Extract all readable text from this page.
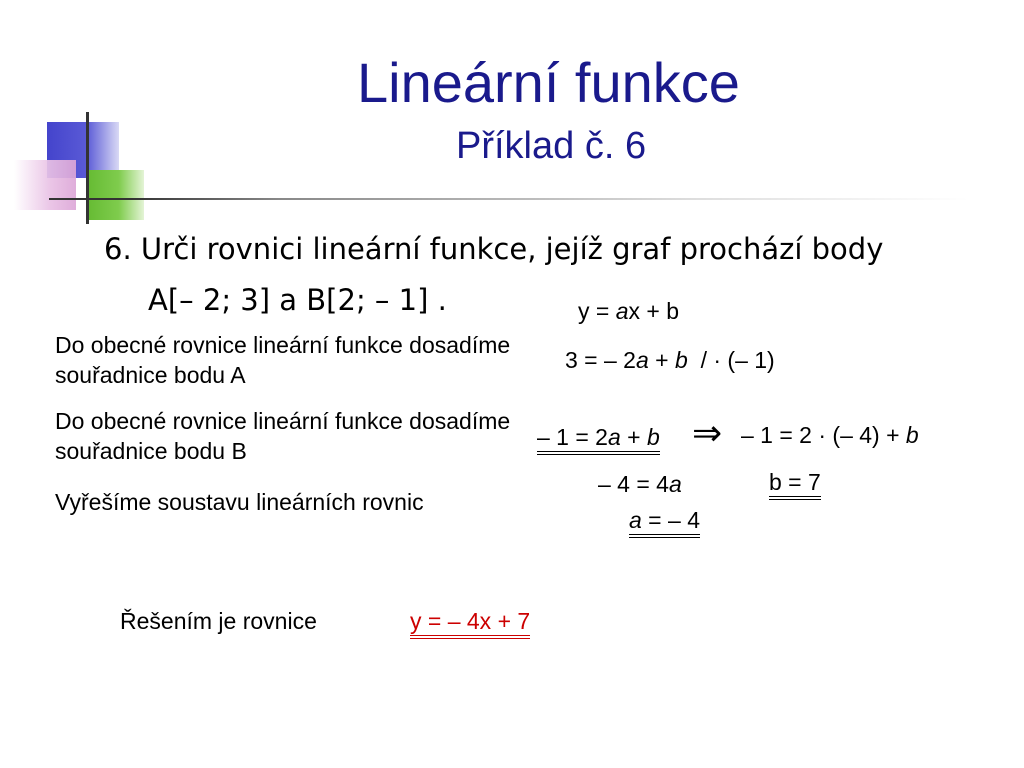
Lineární funkce
Příklad č. 6
6. Urči rovnici lineární funkce, jejíž graf prochází body
A[– 2; 3] a B[2; – 1] .
Do obecné rovnice lineární funkce dosadíme souřadnice bodu A
Do obecné rovnice lineární funkce dosadíme souřadnice bodu B
Vyřešíme soustavu lineárních rovnic
y = ax + b
3 = – 2a + b  / · (– 1)
– 1 = 2a + b ⇒ – 1 = 2 · (– 4) + b
– 4 = 4a	b = 7
a = – 4
Řešením je rovnice	y = – 4x + 7
